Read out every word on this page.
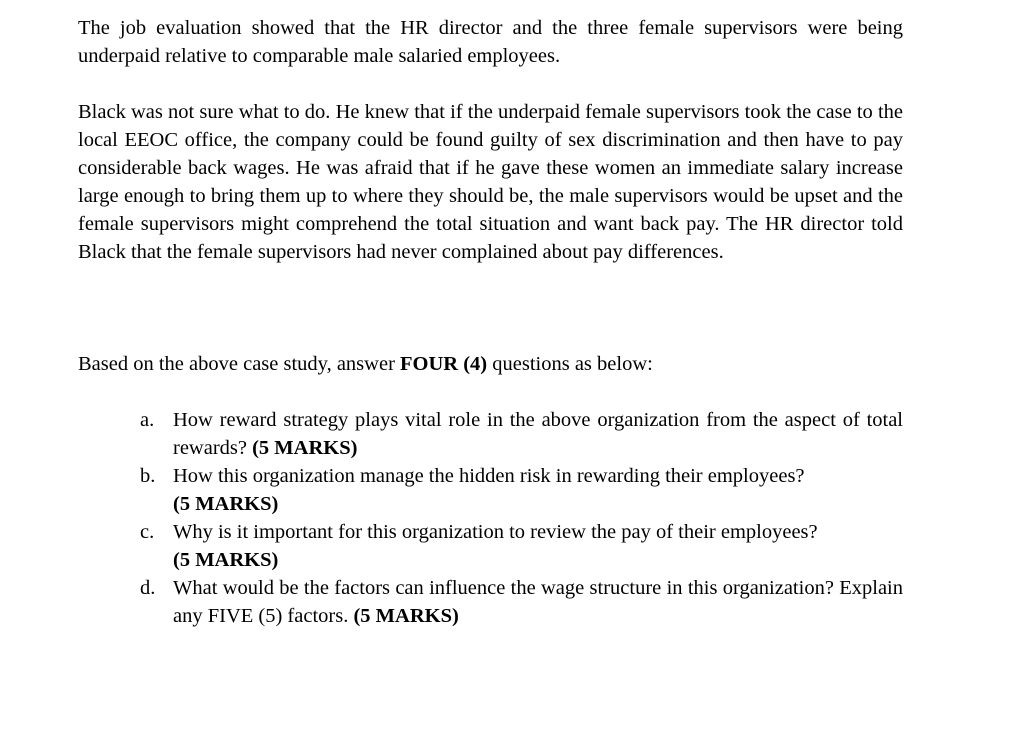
The job evaluation showed that the HR director and the three female supervisors were being underpaid relative to comparable male salaried employees.

Black was not sure what to do. He knew that if the underpaid female supervisors took the case to the local EEOC office, the company could be found guilty of sex discrimination and then have to pay considerable back wages. He was afraid that if he gave these women an immediate salary increase large enough to bring them up to where they should be, the male supervisors would be upset and the female supervisors might comprehend the total situation and want back pay. The HR director told Black that the female supervisors had never complained about pay differences.

Based on the above case study, answer FOUR (4) questions as below:

a. How reward strategy plays vital role in the above organization from the aspect of total rewards? (5 MARKS)
b. How this organization manage the hidden risk in rewarding their employees?
(5 MARKS)
c. Why is it important for this organization to review the pay of their employees?
(5 MARKS)
d. What would be the factors can influence the wage structure in this organization? Explain any FIVE (5) factors. (5 MARKS)
